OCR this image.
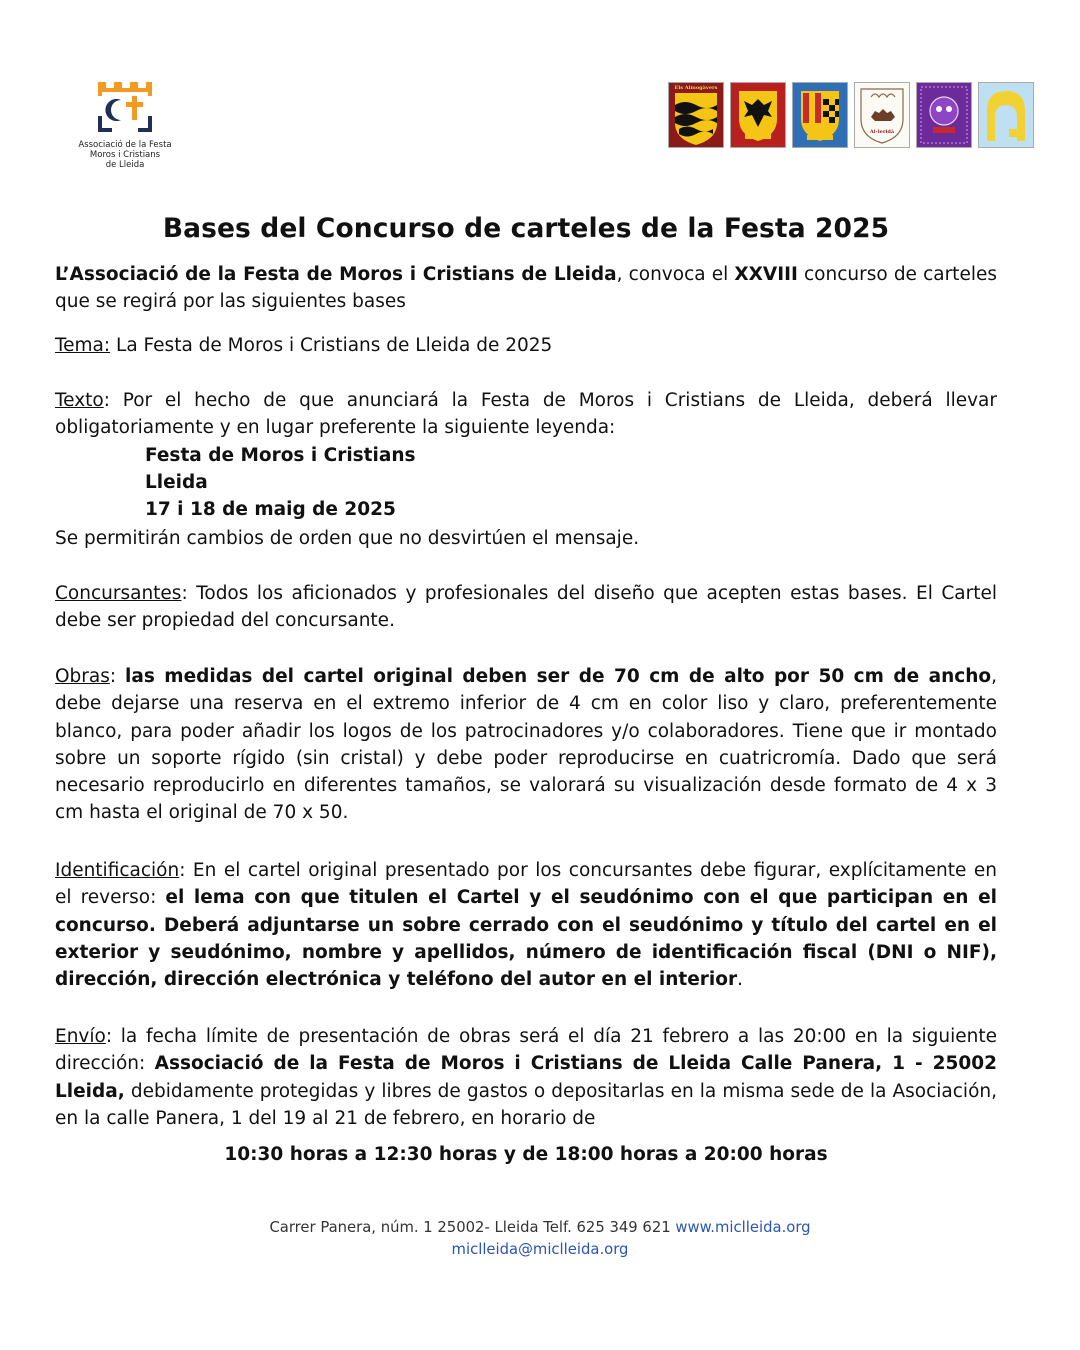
Associació de la Festa
Moros i Cristians
de Lleida
Els Almogàvers
Al-leridà
Bases del Concurso de carteles de la Festa 2025
L’Associació de la Festa de Moros i Cristians de Lleida, convoca el XXVIII concurso de carteles que se regirá por las siguientes bases
Tema: La Festa de Moros i Cristians de Lleida de 2025
Texto: Por el hecho de que anunciará la Festa de Moros i Cristians de Lleida, deberá llevar obligatoriamente y en lugar preferente la siguiente leyenda:
Festa de Moros i Cristians
Lleida
17 i 18 de maig de 2025
Se permitirán cambios de orden que no desvirtúen el mensaje.
Concursantes: Todos los aficionados y profesionales del diseño que acepten estas bases. El Cartel debe ser propiedad del concursante.
Obras: las medidas del cartel original deben ser de 70 cm de alto por 50 cm de ancho, debe dejarse una reserva en el extremo inferior de 4 cm en color liso y claro, preferentemente blanco, para poder añadir los logos de los patrocinadores y/o colaboradores. Tiene que ir montado sobre un soporte rígido (sin cristal) y debe poder reproducirse en cuatricromía. Dado que será necesario reproducirlo en diferentes tamaños, se valorará su visualización desde formato de 4 x 3 cm hasta el original de 70 x 50.
Identificación: En el cartel original presentado por los concursantes debe figurar, explícitamente en el reverso: el lema con que titulen el Cartel y el seudónimo con el que participan en el concurso. Deberá adjuntarse un sobre cerrado con el seudónimo y título del cartel en el exterior y seudónimo, nombre y apellidos, número de identificación fiscal (DNI o NIF), dirección, dirección electrónica y teléfono del autor en el interior.
Envío: la fecha límite de presentación de obras será el día 21 febrero a las 20:00 en la siguiente dirección: Associació de la Festa de Moros i Cristians de Lleida Calle Panera, 1 - 25002 Lleida, debidamente protegidas y libres de gastos o depositarlas en la misma sede de la Asociación, en la calle Panera, 1 del 19 al 21 de febrero, en horario de
10:30 horas a 12:30 horas y de 18:00 horas a 20:00 horas
Carrer Panera, núm. 1 25002- Lleida Telf. 625 349 621 www.miclleida.org
miclleida@miclleida.org
